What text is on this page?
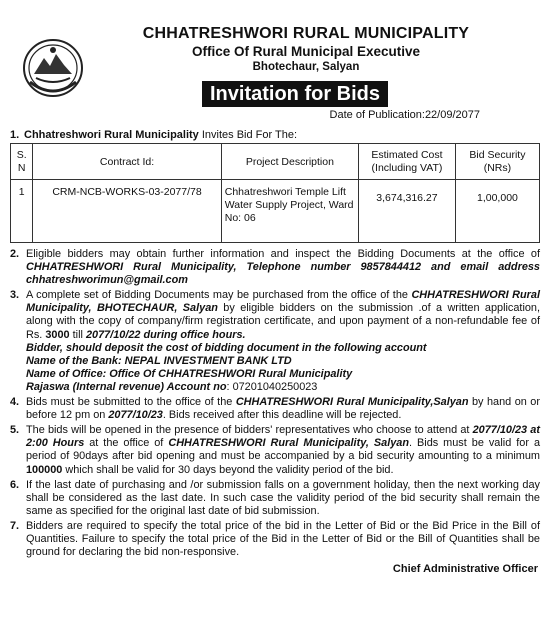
CHHATRESHWORI RURAL MUNICIPALITY
Office Of Rural Municipal Executive
Bhotechaur, Salyan
Invitation for Bids
Date of Publication:22/09/2077
1. Chhatreshwori Rural Municipality Invites Bid For The:
S.
N	Contract Id:	Project Description	Estimated Cost
(Including VAT)	Bid Security
(NRs)

1	CRM-NCB-WORKS-03-2077/78	Chhatreshwori Temple Lift
Water Supply Project, Ward
No: 06	3,674,316.27	1,00,000
2. Eligible bidders may obtain further information and inspect the Bidding Documents at the office of CHHATRESHWORI Rural Municipality, Telephone number 9857844412 and email address chhatreshworimun@gmail.com
3. A complete set of Bidding Documents may be purchased from the office of the CHHATRESHWORI Rural Municipality, BHOTECHAUR, Salyan by eligible bidders on the submission .of a written application, along with the copy of company/firm registration certificate, and upon payment of a non-refundable fee of Rs. 3000 till 2077/10/22 during office hours.
Bidder, should deposit the cost of bidding document in the following account
Name of the Bank: NEPAL INVESTMENT BANK LTD
Name of Office: Office Of CHHATRESHWORI Rural Municipality
Rajaswa (Internal revenue) Account no: 07201040250023
4. Bids must be submitted to the office of the CHHATRESHWORI Rural Municipality,Salyan by hand on or before 12 pm on 2077/10/23. Bids received after this deadline will be rejected.
5. The bids will be opened in the presence of bidders' representatives who choose to attend at 2077/10/23 at 2:00 Hours at the office of CHHATRESHWORI Rural Municipality, Salyan. Bids must be valid for a period of 90days after bid opening and must be accompanied by a bid security amounting to a minimum 100000 which shall be valid for 30 days beyond the validity period of the bid.
6. If the last date of purchasing and /or submission falls on a government holiday, then the next working day shall be considered as the last date. In such case the validity period of the bid security shall remain the same as specified for the original last date of bid submission.
7. Bidders are required to specify the total price of the bid in the Letter of Bid or the Bid Price in the Bill of Quantities. Failure to specify the total price of the Bid in the Letter of Bid or the Bill of Quantities shall be ground for declaring the bid non-responsive.
Chief Administrative Officer
